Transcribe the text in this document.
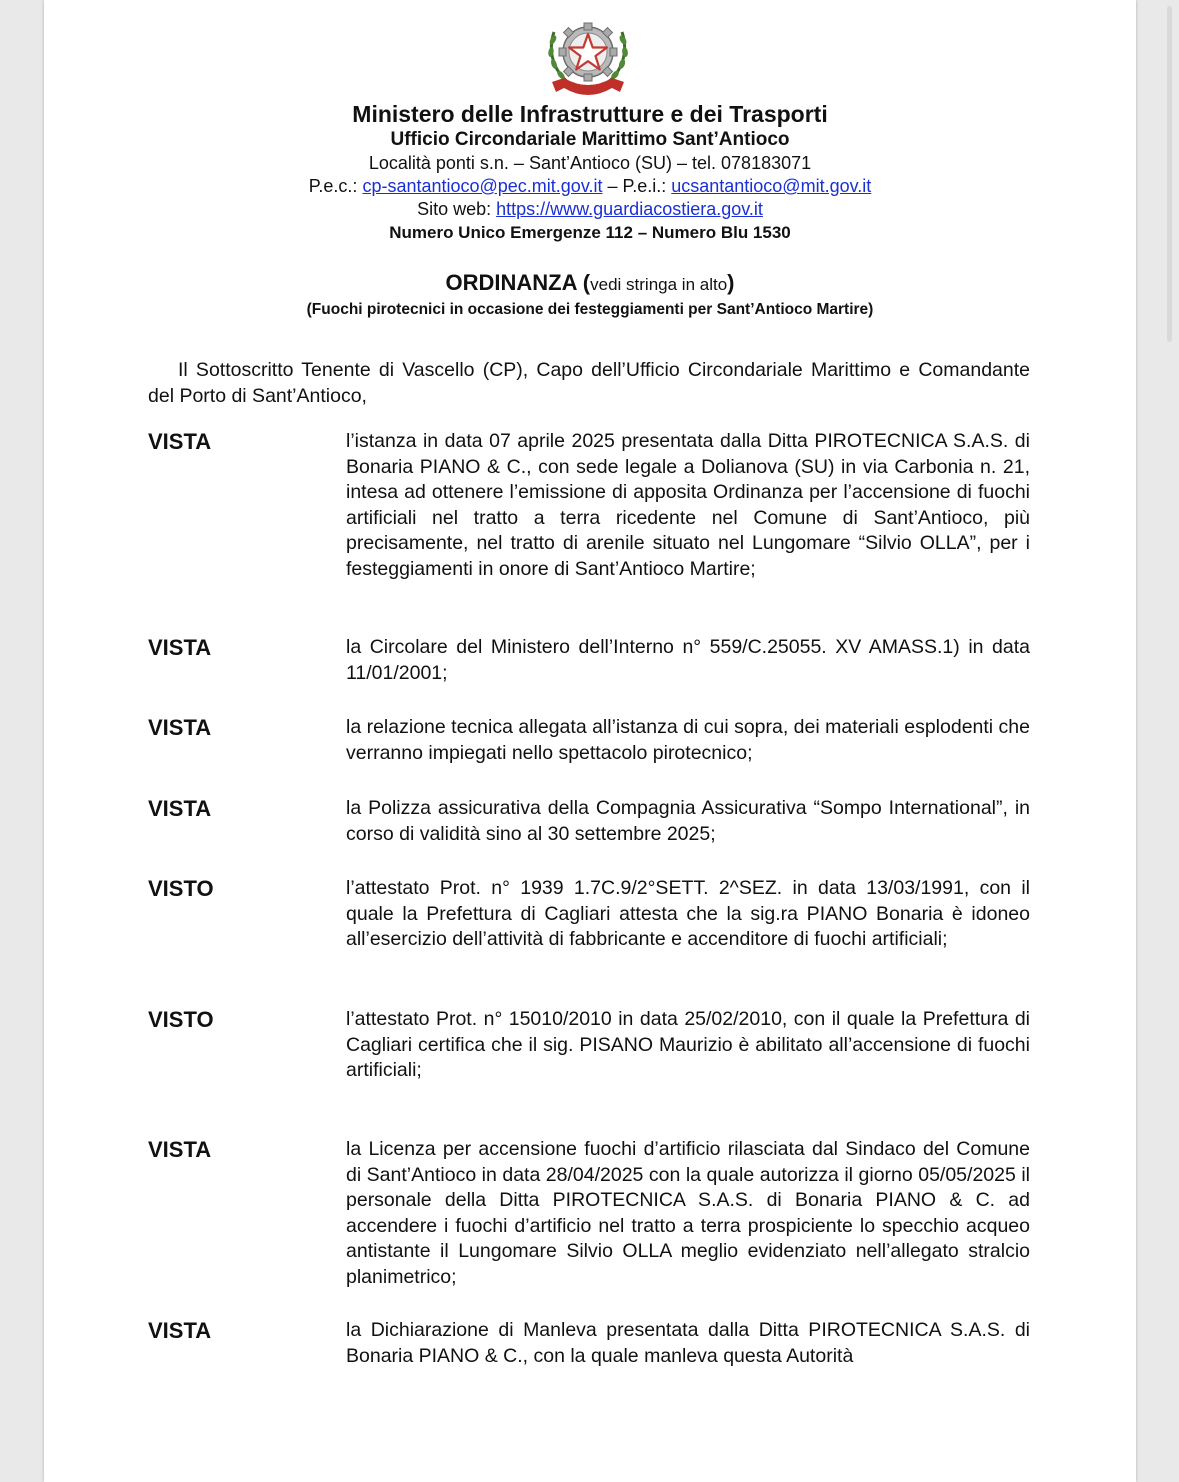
Ministero delle Infrastrutture e dei Trasporti
Ufficio Circondariale Marittimo Sant’Antioco
Località ponti s.n. – Sant’Antioco (SU) – tel. 078183071
P.e.c.: cp-santantioco@pec.mit.gov.it – P.e.i.: ucsantantioco@mit.gov.it
Sito web: https://www.guardiacostiera.gov.it
Numero Unico Emergenze 112 – Numero Blu 1530
ORDINANZA (vedi stringa in alto)
(Fuochi pirotecnici in occasione dei festeggiamenti per Sant’Antioco Martire)
Il Sottoscritto Tenente di Vascello (CP), Capo dell’Ufficio Circondariale Marittimo e Comandante del Porto di Sant’Antioco,
VISTA	l’istanza in data 07 aprile 2025 presentata dalla Ditta PIROTECNICA S.A.S. di Bonaria PIANO & C., con sede legale a Dolianova (SU) in via Carbonia n. 21, intesa ad ottenere l’emissione di apposita Ordinanza per l’accensione di fuochi artificiali nel tratto a terra ricedente nel Comune di Sant’Antioco, più precisamente, nel tratto di arenile situato nel Lungomare “Silvio OLLA”, per i festeggiamenti in onore di Sant’Antioco Martire;
VISTA	la Circolare del Ministero dell’Interno n° 559/C.25055. XV AMASS.1) in data 11/01/2001;
VISTA	la relazione tecnica allegata all’istanza di cui sopra, dei materiali esplodenti che verranno impiegati nello spettacolo pirotecnico;
VISTA	la Polizza assicurativa della Compagnia Assicurativa “Sompo International”, in corso di validità sino al 30 settembre 2025;
VISTO	l’attestato Prot. n° 1939 1.7C.9/2°SETT. 2^SEZ. in data 13/03/1991, con il quale la Prefettura di Cagliari attesta che la sig.ra PIANO Bonaria è idoneo all’esercizio dell’attività di fabbricante e accenditore di fuochi artificiali;
VISTO	l’attestato Prot. n° 15010/2010 in data 25/02/2010, con il quale la Prefettura di Cagliari certifica che il sig. PISANO Maurizio è abilitato all’accensione di fuochi artificiali;
VISTA	la Licenza per accensione fuochi d’artificio rilasciata dal Sindaco del Comune di Sant’Antioco in data 28/04/2025 con la quale autorizza il giorno 05/05/2025 il personale della Ditta PIROTECNICA S.A.S. di Bonaria PIANO & C. ad accendere i fuochi d’artificio nel tratto a terra prospiciente lo specchio acqueo antistante il Lungomare Silvio OLLA meglio evidenziato nell’allegato stralcio planimetrico;
VISTA	la Dichiarazione di Manleva presentata dalla Ditta PIROTECNICA S.A.S. di Bonaria PIANO & C., con la quale manleva questa Autorità
